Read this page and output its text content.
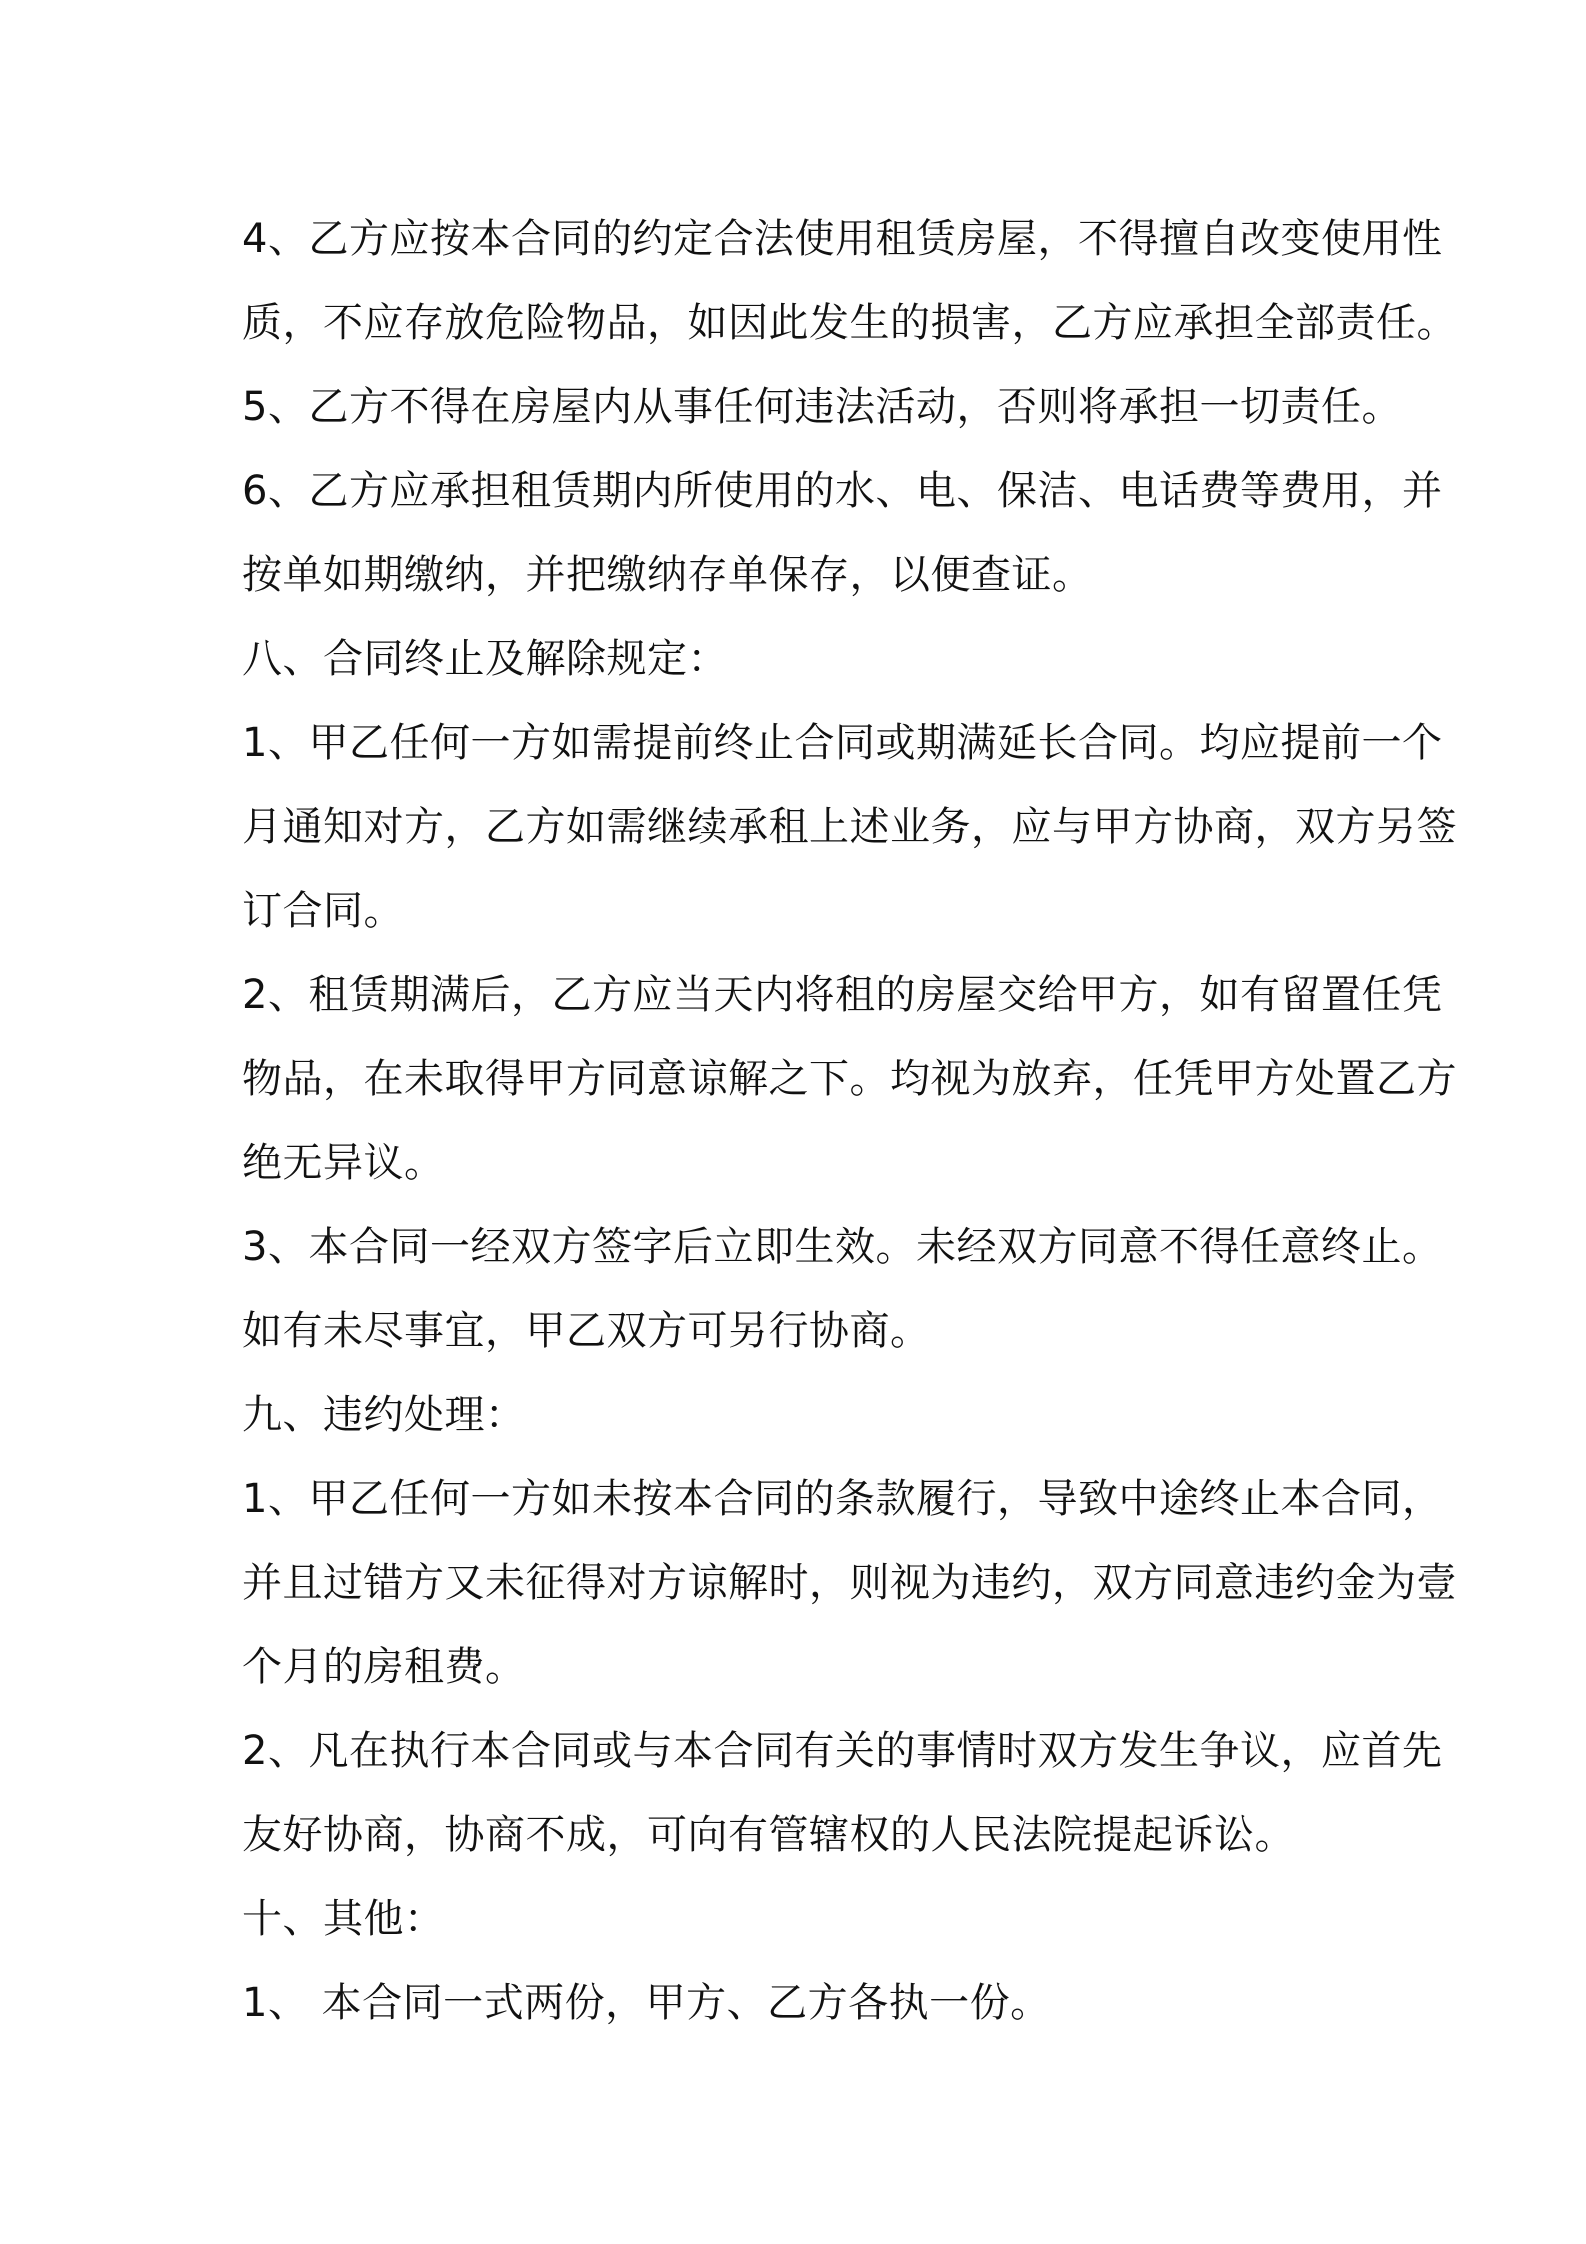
4、乙方应按本合同的约定合法使用租赁房屋，不得擅自改变使用性
质，不应存放危险物品，如因此发生的损害，乙方应承担全部责任。
5、乙方不得在房屋内从事任何违法活动，否则将承担一切责任。
6、乙方应承担租赁期内所使用的水、电、保洁、电话费等费用，并
按单如期缴纳，并把缴纳存单保存，以便查证。
八、合同终止及解除规定：
1、甲乙任何一方如需提前终止合同或期满延长合同。均应提前一个
月通知对方，乙方如需继续承租上述业务，应与甲方协商，双方另签
订合同。
2、租赁期满后，乙方应当天内将租的房屋交给甲方，如有留置任凭
物品，在未取得甲方同意谅解之下。均视为放弃，任凭甲方处置乙方
绝无异议。
3、本合同一经双方签字后立即生效。未经双方同意不得任意终止。
如有未尽事宜，甲乙双方可另行协商。
九、违约处理：
1、甲乙任何一方如未按本合同的条款履行，导致中途终止本合同，
并且过错方又未征得对方谅解时，则视为违约，双方同意违约金为壹
个月的房租费。
2、凡在执行本合同或与本合同有关的事情时双方发生争议，应首先
友好协商，协商不成，可向有管辖权的人民法院提起诉讼。
十、其他：
1、 本合同一式两份，甲方、乙方各执一份。
